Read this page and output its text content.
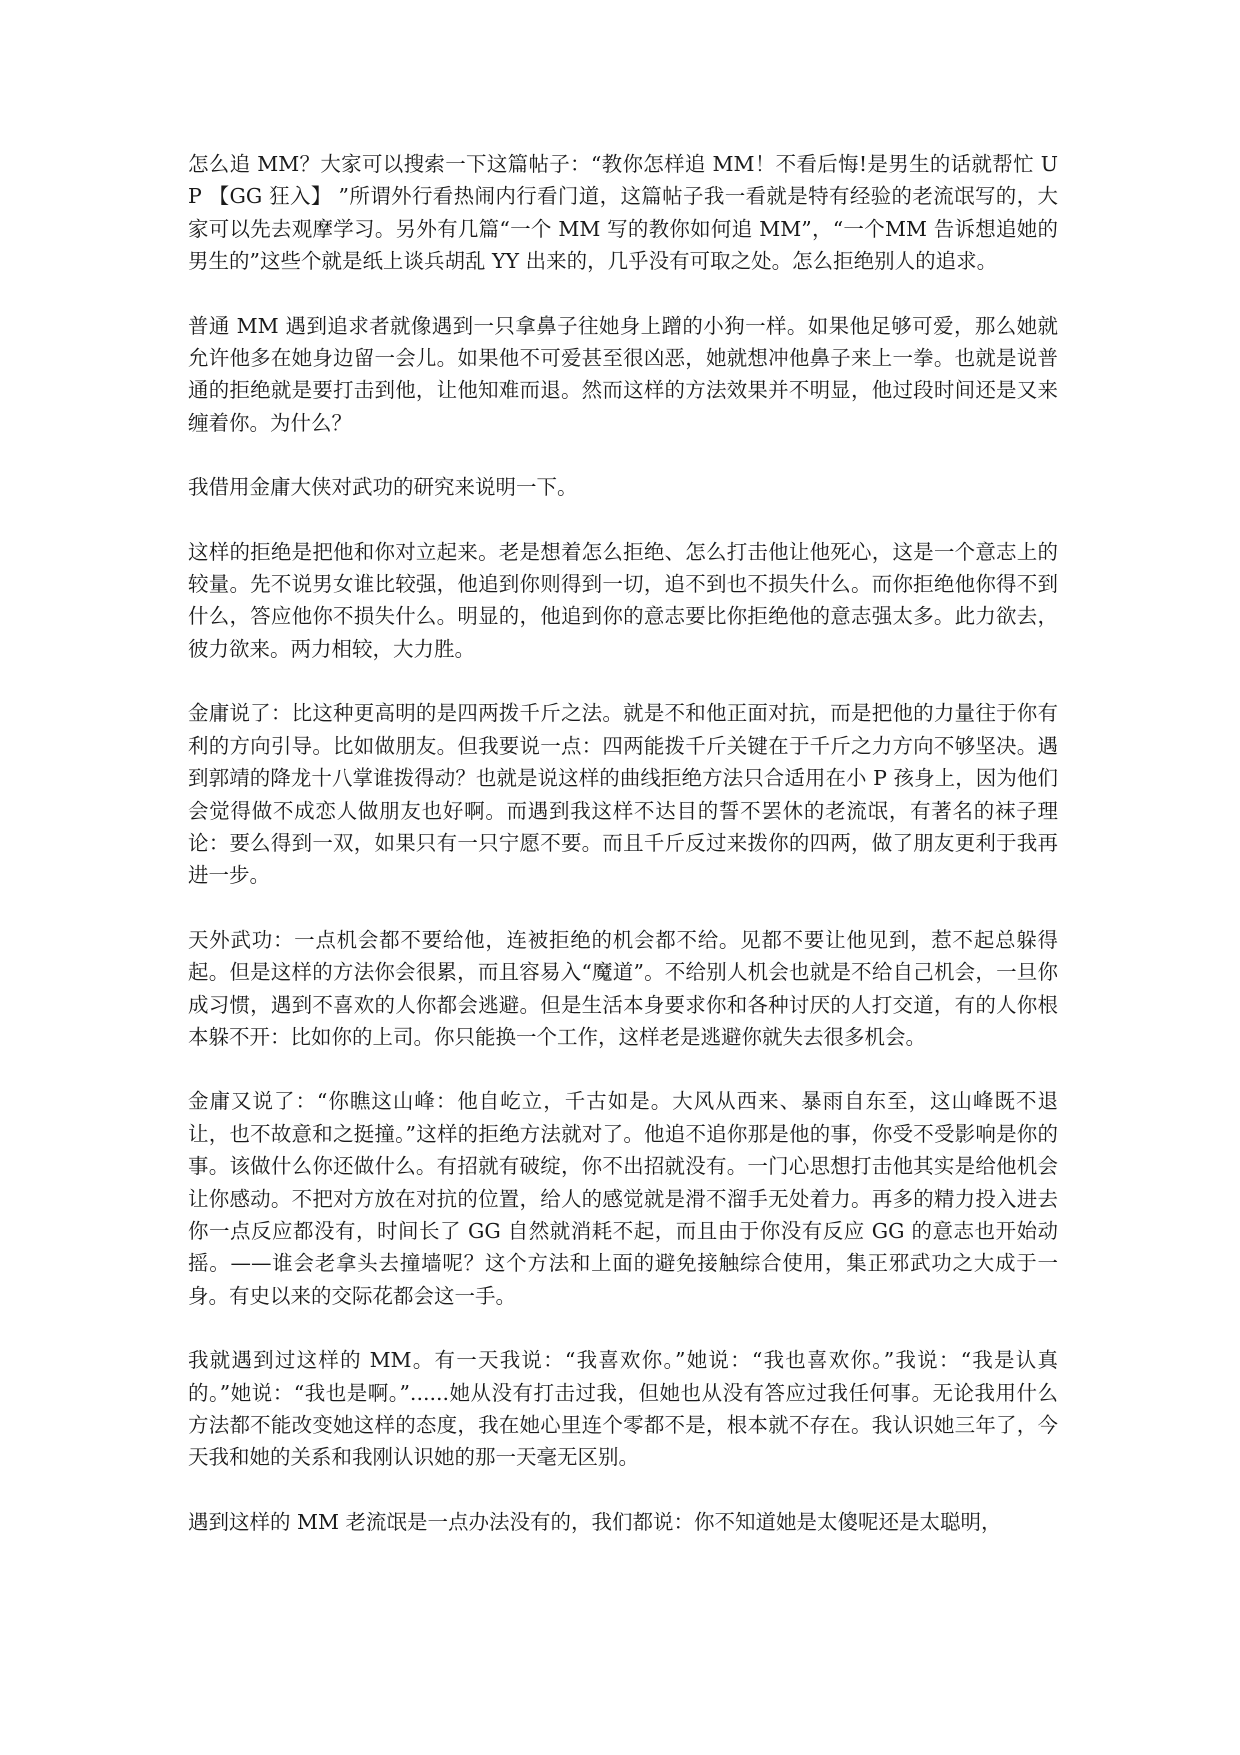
怎么追 MM？大家可以搜索一下这篇帖子：“教你怎样追 MM！不看后悔!是男生的话就帮忙 UP 【GG 狂入】 ”所谓外行看热闹内行看门道，这篇帖子我一看就是特有经验的老流氓写的，大家可以先去观摩学习。另外有几篇“一个 MM 写的教你如何追 MM”，“一个MM 告诉想追她的男生的”这些个就是纸上谈兵胡乱 YY 出来的，几乎没有可取之处。怎么拒绝别人的追求。

普通 MM 遇到追求者就像遇到一只拿鼻子往她身上蹭的小狗一样。如果他足够可爱，那么她就允许他多在她身边留一会儿。如果他不可爱甚至很凶恶，她就想冲他鼻子来上一拳。也就是说普通的拒绝就是要打击到他，让他知难而退。然而这样的方法效果并不明显，他过段时间还是又来缠着你。为什么？

我借用金庸大侠对武功的研究来说明一下。

这样的拒绝是把他和你对立起来。老是想着怎么拒绝、怎么打击他让他死心，这是一个意志上的较量。先不说男女谁比较强，他追到你则得到一切，追不到也不损失什么。而你拒绝他你得不到什么，答应他你不损失什么。明显的，他追到你的意志要比你拒绝他的意志强太多。此力欲去，彼力欲来。两力相较，大力胜。

金庸说了：比这种更高明的是四两拨千斤之法。就是不和他正面对抗，而是把他的力量往于你有利的方向引导。比如做朋友。但我要说一点：四两能拨千斤关键在于千斤之力方向不够坚决。遇到郭靖的降龙十八掌谁拨得动？也就是说这样的曲线拒绝方法只合适用在小 P 孩身上，因为他们会觉得做不成恋人做朋友也好啊。而遇到我这样不达目的誓不罢休的老流氓，有著名的袜子理论：要么得到一双，如果只有一只宁愿不要。而且千斤反过来拨你的四两，做了朋友更利于我再进一步。

天外武功：一点机会都不要给他，连被拒绝的机会都不给。见都不要让他见到，惹不起总躲得起。但是这样的方法你会很累，而且容易入“魔道”。不给别人机会也就是不给自己机会，一旦你成习惯，遇到不喜欢的人你都会逃避。但是生活本身要求你和各种讨厌的人打交道，有的人你根本躲不开：比如你的上司。你只能换一个工作，这样老是逃避你就失去很多机会。

金庸又说了：“你瞧这山峰：他自屹立，千古如是。大风从西来、暴雨自东至，这山峰既不退让，也不故意和之挺撞。”这样的拒绝方法就对了。他追不追你那是他的事，你受不受影响是你的事。该做什么你还做什么。有招就有破绽，你不出招就没有。一门心思想打击他其实是给他机会让你感动。不把对方放在对抗的位置，给人的感觉就是滑不溜手无处着力。再多的精力投入进去你一点反应都没有，时间长了 GG 自然就消耗不起，而且由于你没有反应 GG 的意志也开始动摇。——谁会老拿头去撞墙呢？这个方法和上面的避免接触综合使用，集正邪武功之大成于一身。有史以来的交际花都会这一手。

我就遇到过这样的 MM。有一天我说：“我喜欢你。”她说：“我也喜欢你。”我说：“我是认真的。”她说：“我也是啊。”......她从没有打击过我，但她也从没有答应过我任何事。无论我用什么方法都不能改变她这样的态度，我在她心里连个零都不是，根本就不存在。我认识她三年了，今天我和她的关系和我刚认识她的那一天毫无区别。

遇到这样的 MM 老流氓是一点办法没有的，我们都说：你不知道她是太傻呢还是太聪明，
